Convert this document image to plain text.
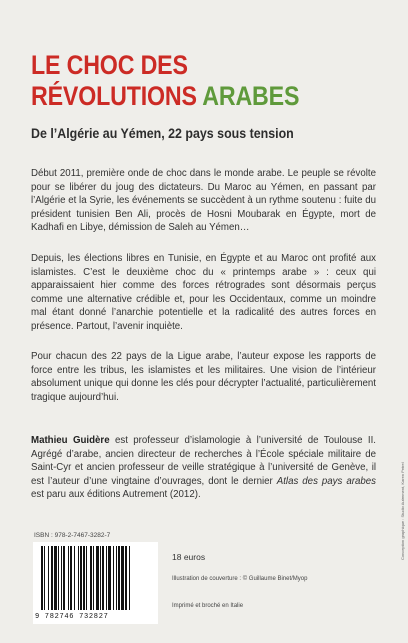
LE CHOC DES
RÉVOLUTIONS ARABES
De l’Algérie au Yémen, 22 pays sous tension
Début 2011, première onde de choc dans le monde arabe. Le peuple se révolte pour se libérer du joug des dictateurs. Du Maroc au Yémen, en passant par l’Algérie et la Syrie, les événements se succèdent à un rythme soutenu : fuite du président tunisien Ben Ali, procès de Hosni Moubarak en Égypte, mort de Kadhafi en Libye, démission de Saleh au Yémen…
Depuis, les élections libres en Tunisie, en Égypte et au Maroc ont profité aux islamistes. C’est le deuxième choc du « printemps arabe » : ceux qui apparaissaient hier comme des forces rétrogrades sont désormais perçus comme une alternative crédible et, pour les Occidentaux, comme un moindre mal étant donné l’anarchie potentielle et la radicalité des autres forces en présence. Partout, l’avenir inquiète.
Pour chacun des 22 pays de la Ligue arabe, l’auteur expose les rapports de force entre les tribus, les islamistes et les militaires. Une vision de l’intérieur absolument unique qui donne les clés pour décrypter l’actualité, particulièrement tragique aujourd’hui.
Mathieu Guidère est professeur d’islamologie à l’université de Toulouse II. Agrégé d’arabe, ancien directeur de recherches à l’École spéciale militaire de Saint-Cyr et ancien professeur de veille stratégique à l’université de Genève, il est l’auteur d’une vingtaine d’ouvrages, dont le dernier Atlas des pays arabes est paru aux éditions Autrement (2012).
ISBN : 978-2-7467-3282-7
9 782746 732827
18 euros
Illustration de couverture : © Guillaume Binet/Myop
Imprimé et broché en Italie
Conception graphique : Studio Autrement, Karen Petrel
